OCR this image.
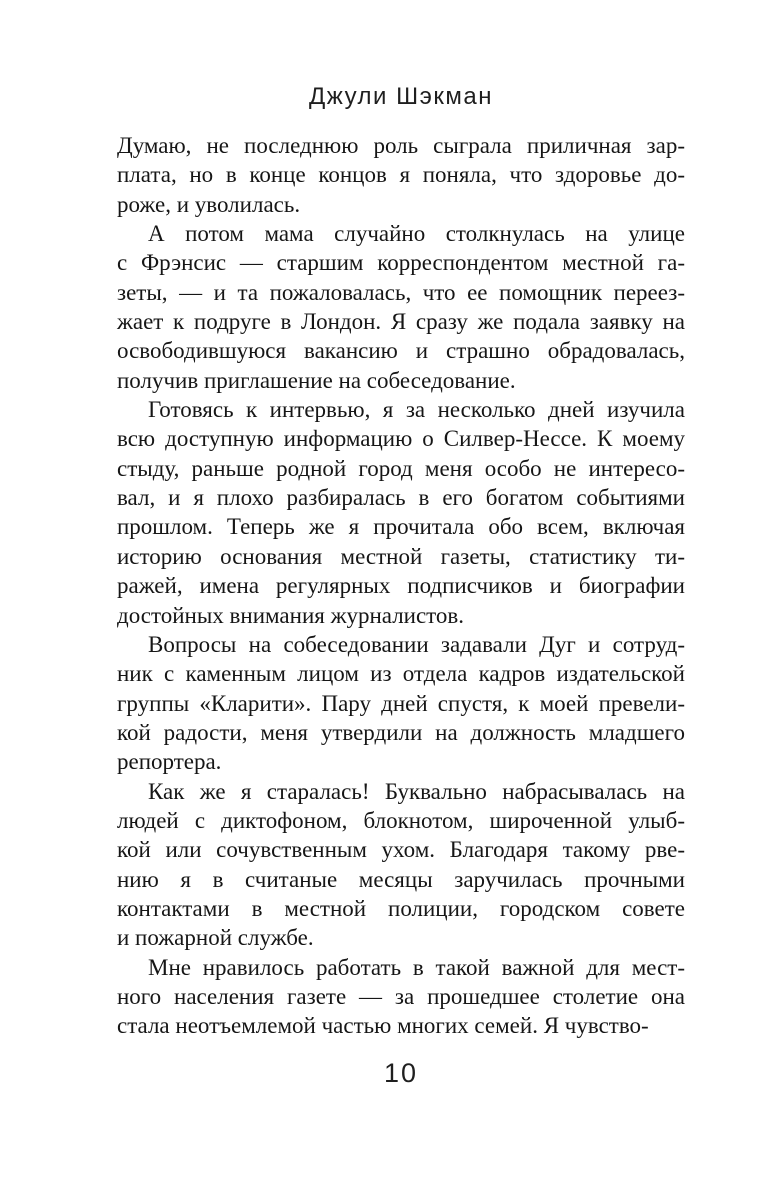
Джули Шэкман
Думаю, не последнюю роль сыграла приличная зар-
плата, но в конце концов я поняла, что здоровье до-
роже, и уволилась.
А потом мама случайно столкнулась на улице
с Фрэнсис — старшим корреспондентом местной га-
зеты, — и та пожаловалась, что ее помощник переез-
жает к подруге в Лондон. Я сразу же подала заявку на
освободившуюся вакансию и страшно обрадовалась,
получив приглашение на собеседование.
Готовясь к интервью, я за несколько дней изучила
всю доступную информацию о Силвер-Нессе. К моему
стыду, раньше родной город меня особо не интересо-
вал, и я плохо разбиралась в его богатом событиями
прошлом. Теперь же я прочитала обо всем, включая
историю основания местной газеты, статистику ти-
ражей, имена регулярных подписчиков и биографии
достойных внимания журналистов.
Вопросы на собеседовании задавали Дуг и сотруд-
ник с каменным лицом из отдела кадров издательской
группы «Кларити». Пару дней спустя, к моей превели-
кой радости, меня утвердили на должность младшего
репортера.
Как же я старалась! Буквально набрасывалась на
людей с диктофоном, блокнотом, широченной улыб-
кой или сочувственным ухом. Благодаря такому рве-
нию я в считаные месяцы заручилась прочными
контактами в местной полиции, городском совете
и пожарной службе.
Мне нравилось работать в такой важной для мест-
ного населения газете — за прошедшее столетие она
стала неотъемлемой частью многих семей. Я чувство-
10
